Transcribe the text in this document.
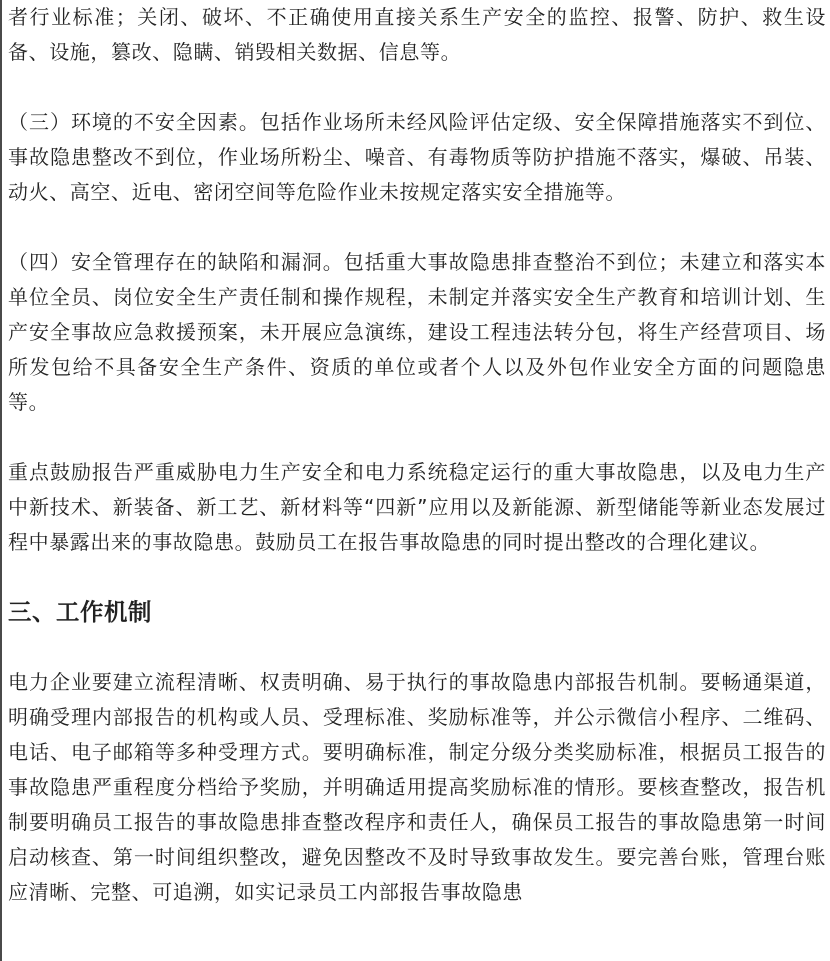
者行业标准；关闭、破坏、不正确使用直接关系生产安全的监控、报警、防护、救生设备、设施，篡改、隐瞒、销毁相关数据、信息等。

（三）环境的不安全因素。包括作业场所未经风险评估定级、安全保障措施落实不到位、事故隐患整改不到位，作业场所粉尘、噪音、有毒物质等防护措施不落实，爆破、吊装、动火、高空、近电、密闭空间等危险作业未按规定落实安全措施等。

（四）安全管理存在的缺陷和漏洞。包括重大事故隐患排查整治不到位；未建立和落实本单位全员、岗位安全生产责任制和操作规程，未制定并落实安全生产教育和培训计划、生产安全事故应急救援预案，未开展应急演练，建设工程违法转分包，将生产经营项目、场所发包给不具备安全生产条件、资质的单位或者个人以及外包作业安全方面的问题隐患等。

重点鼓励报告严重威胁电力生产安全和电力系统稳定运行的重大事故隐患，以及电力生产中新技术、新装备、新工艺、新材料等“四新”应用以及新能源、新型储能等新业态发展过程中暴露出来的事故隐患。鼓励员工在报告事故隐患的同时提出整改的合理化建议。

三、工作机制

电力企业要建立流程清晰、权责明确、易于执行的事故隐患内部报告机制。要畅通渠道，明确受理内部报告的机构或人员、受理标准、奖励标准等，并公示微信小程序、二维码、电话、电子邮箱等多种受理方式。要明确标准，制定分级分类奖励标准，根据员工报告的事故隐患严重程度分档给予奖励，并明确适用提高奖励标准的情形。要核查整改，报告机制要明确员工报告的事故隐患排查整改程序和责任人，确保员工报告的事故隐患第一时间启动核查、第一时间组织整改，避免因整改不及时导致事故发生。要完善台账，管理台账应清晰、完整、可追溯，如实记录员工内部报告事故隐患
